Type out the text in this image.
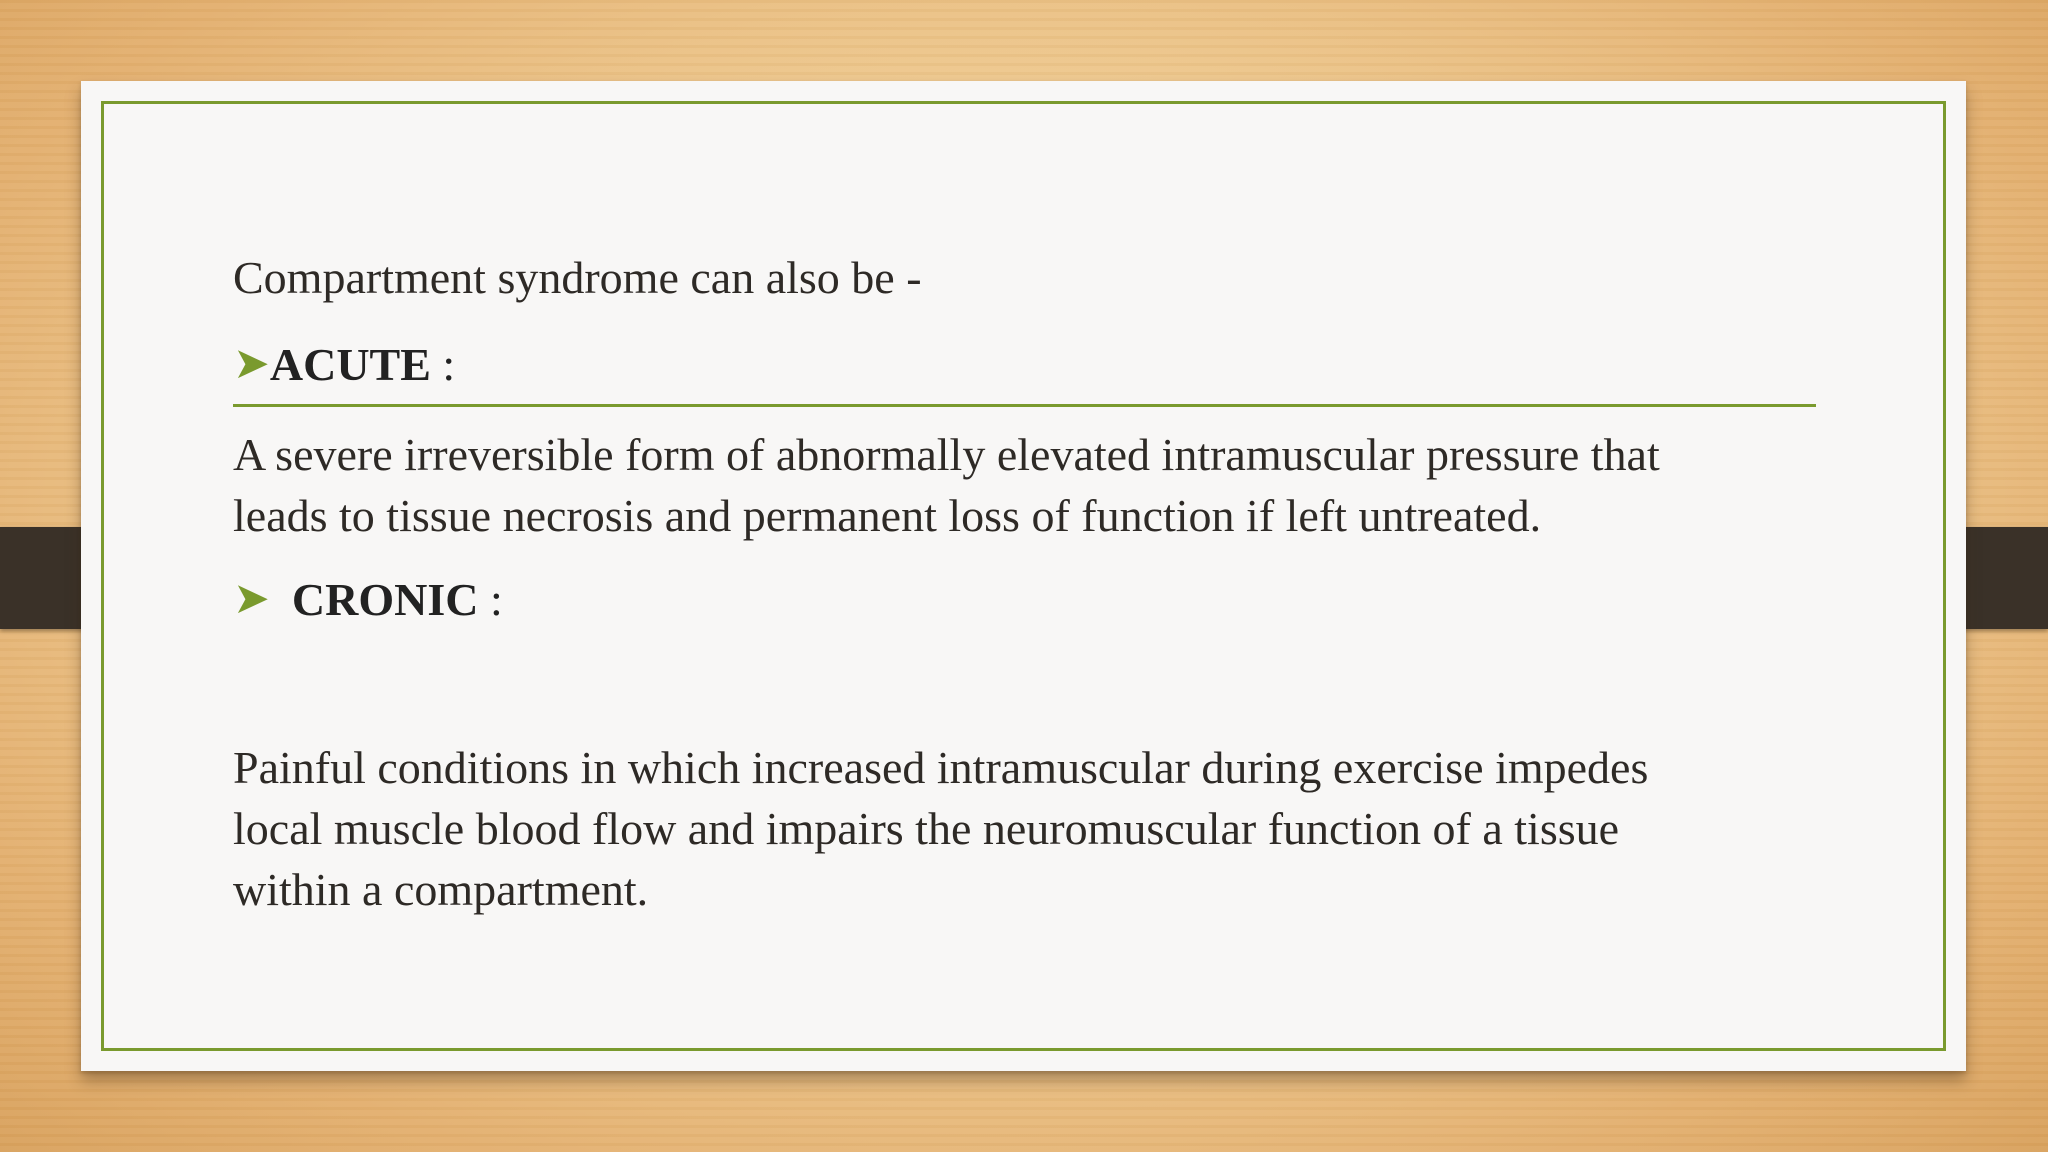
Compartment syndrome can also be -
➤ACUTE :
A severe irreversible form of abnormally elevated intramuscular pressure that
leads to tissue necrosis and permanent loss of function if left untreated.
➤ CRONIC :
Painful conditions in which increased intramuscular during exercise impedes
local muscle blood flow and impairs the neuromuscular function of a tissue
within a compartment.
